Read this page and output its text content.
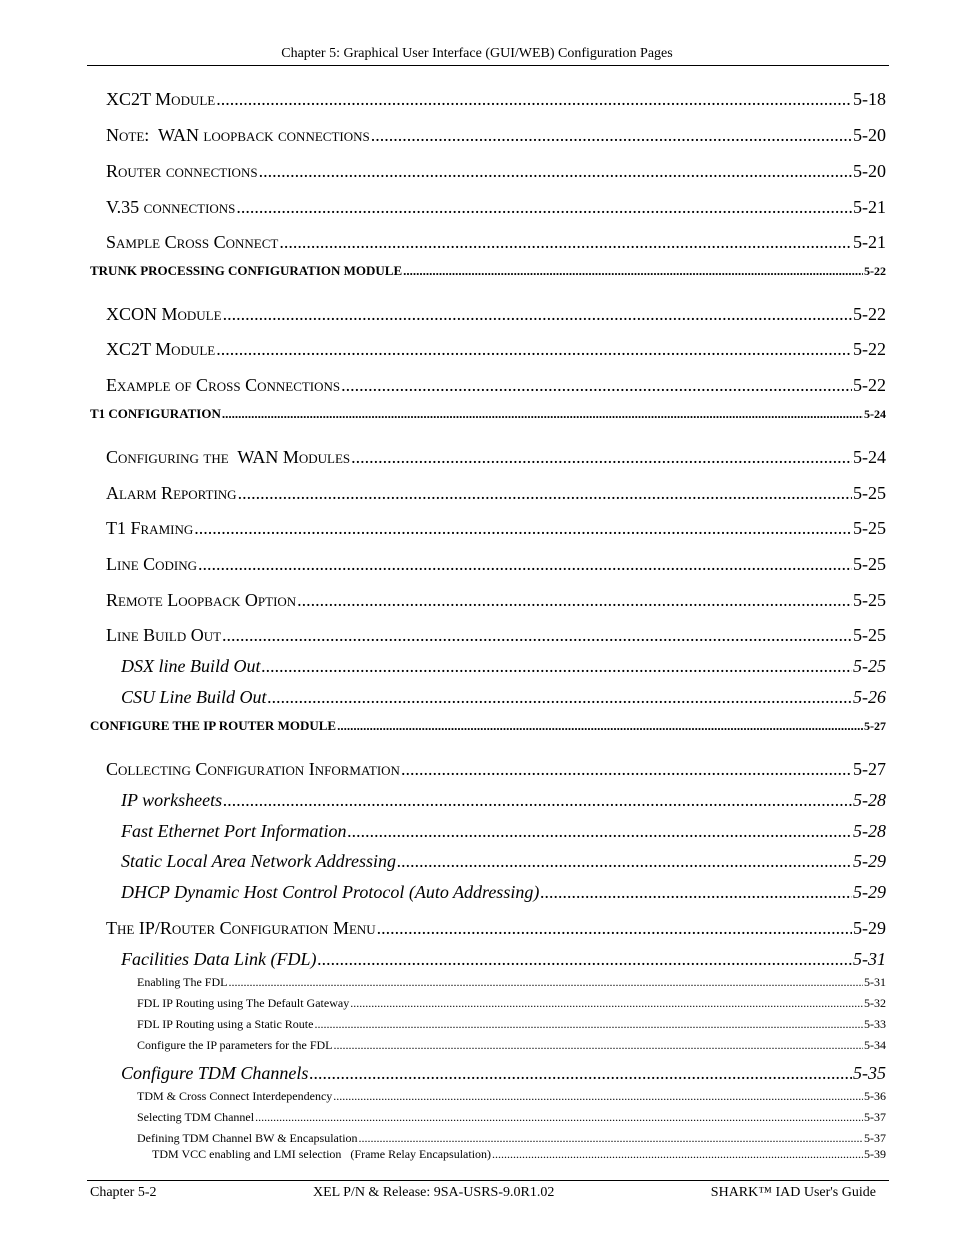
Chapter 5: Graphical User Interface (GUI/WEB) Configuration Pages
XC2T Module .....	5-18
Note:  WAN loopback connections .....	5-20
Router connections .....	5-20
V.35 connections .....	5-21
Sample Cross Connect .....	5-21
TRUNK PROCESSING CONFIGURATION MODULE .....	5-22
XCON Module .....	5-22
XC2T Module .....	5-22
Example of Cross Connections .....	5-22
T1 CONFIGURATION .....	5-24
Configuring the  WAN Modules .....	5-24
Alarm Reporting .....	5-25
T1 Framing .....	5-25
Line Coding .....	5-25
Remote Loopback Option .....	5-25
Line Build Out .....	5-25
DSX line Build Out .....	5-25
CSU Line Build Out .....	5-26
CONFIGURE THE IP ROUTER MODULE .....	5-27
Collecting Configuration Information .....	5-27
IP worksheets .....	5-28
Fast Ethernet Port Information .....	5-28
Static Local Area Network Addressing .....	5-29
DHCP Dynamic Host Control Protocol (Auto Addressing) .....	5-29
The IP/Router Configuration Menu .....	5-29
Facilities Data Link (FDL) .....	5-31
Enabling The FDL .....	5-31
FDL IP Routing using The Default Gateway .....	5-32
FDL IP Routing using a Static Route .....	5-33
Configure the IP parameters for the FDL .....	5-34
Configure TDM Channels .....	5-35
TDM & Cross Connect Interdependency .....	5-36
Selecting TDM Channel .....	5-37
Defining TDM Channel BW & Encapsulation .....	5-37
TDM VCC enabling and LMI selection   (Frame Relay Encapsulation) .....	5-39
Chapter 5-2	XEL P/N & Release: 9SA-USRS-9.0R1.02	SHARK™ IAD User's Guide
